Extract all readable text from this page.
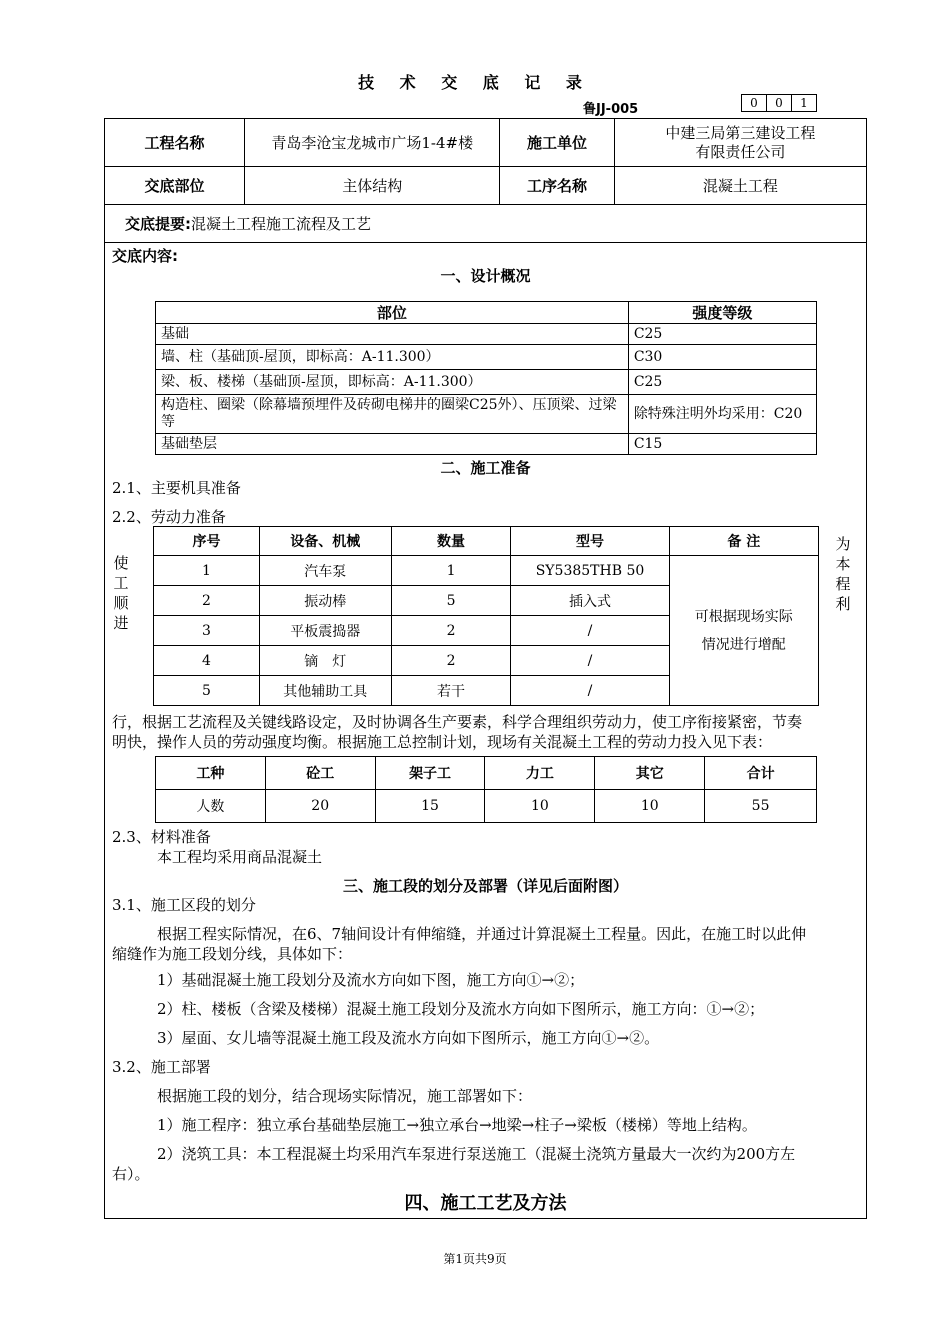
技 术 交 底 记 录
鲁JJ-005	0	0	1
工程名称	青岛李沧宝龙城市广场1-4#楼	施工单位	中建三局第三建设工程
有限责任公司

交底部位	主体结构	工序名称	混凝土工程
交底提要:混凝土工程施工流程及工艺			
交底内容:
一、设计概况
部位	强度等级
基础	C25
墙、柱（基础顶-屋顶，即标高：A-11.300）	C30
梁、板、楼梯（基础顶-屋顶，即标高：A-11.300）	C25
构造柱、圈梁（除幕墙预埋件及砖砌电梯井的圈梁C25外）、压顶梁、过梁等	除特殊注明外均采用：C20
基础垫层	C15
二、施工准备
2.1、主要机具准备
2.2、劳动力准备
使
工
顺
进
为
本
程
利
序号	设备、机械	数量	型号	备 注
1	汽车泵	1	SY5385THB 50	可根据现场实际
情况进行增配

2	振动棒	5	插入式	
3	平板震捣器	2	/	
4	镝　灯	2	/	
5	其他辅助工具	若干	/	
行，根据工艺流程及关键线路设定，及时协调各生产要素，科学合理组织劳动力，使工序衔接紧密，节奏
明快，操作人员的劳动强度均衡。根据施工总控制计划，现场有关混凝土工程的劳动力投入见下表：
工种	砼工	架子工	力工	其它	合计
人数	20	15	10	10	55
2.3、材料准备
本工程均采用商品混凝土
三、施工段的划分及部署（详见后面附图）
3.1、施工区段的划分
根据工程实际情况，在6、7轴间设计有伸缩缝，并通过计算混凝土工程量。因此，在施工时以此伸
缩缝作为施工段划分线，具体如下：
1）基础混凝土施工段划分及流水方向如下图，施工方向①→②；
2）柱、楼板（含梁及楼梯）混凝土施工段划分及流水方向如下图所示，施工方向：①→②；
3）屋面、女儿墙等混凝土施工段及流水方向如下图所示，施工方向①→②。
3.2、施工部署
根据施工段的划分，结合现场实际情况，施工部署如下：
1）施工程序：独立承台基础垫层施工→独立承台→地梁→柱子→梁板（楼梯）等地上结构。
2）浇筑工具：本工程混凝土均采用汽车泵进行泵送施工（混凝土浇筑方量最大一次约为200方左
右）。
四、施工工艺及方法
第1页共9页
